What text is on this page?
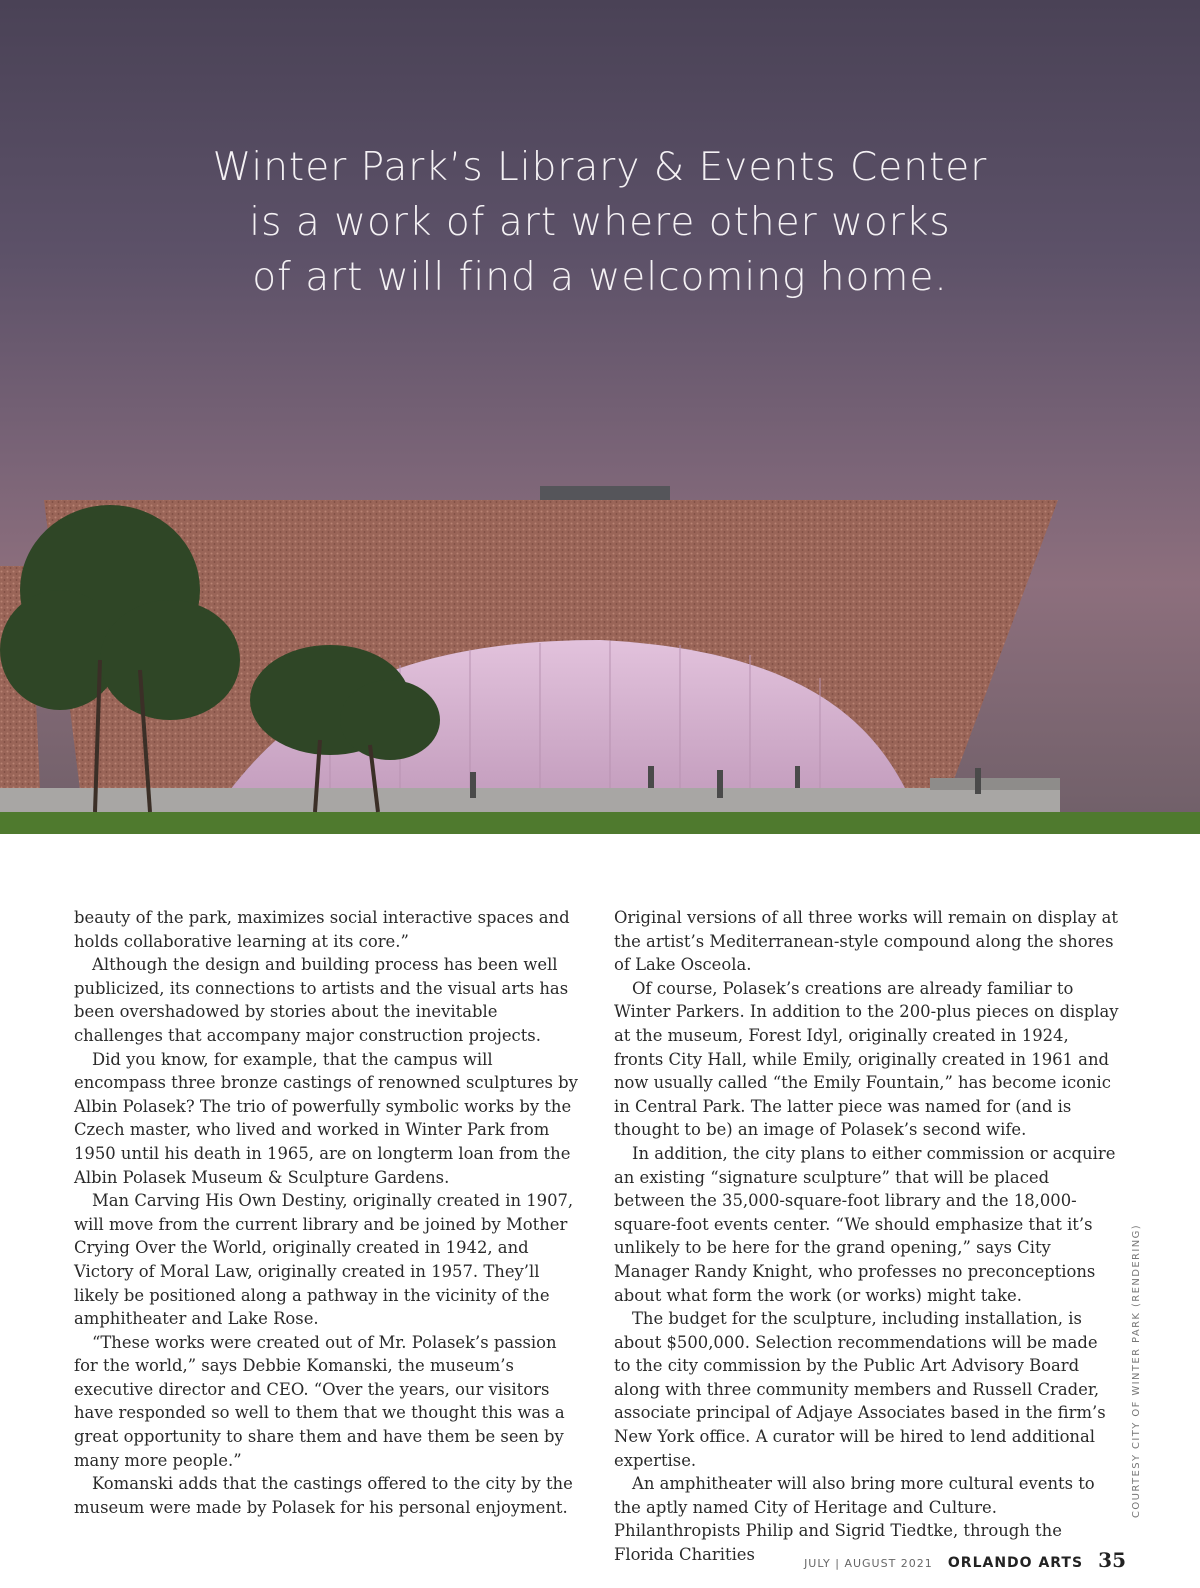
Winter Park’s Library & Events Center
is a work of art where other works
of art will find a welcoming home.

beauty of the park, maximizes social interactive spaces and holds collaborative learning at its core.”

Although the design and building process has been well publicized, its connections to artists and the visual arts has been overshadowed by stories about the inevitable challenges that accompany major construction projects.

Did you know, for example, that the campus will encompass three bronze castings of renowned sculptures by Albin Polasek? The trio of powerfully symbolic works by the Czech master, who lived and worked in Winter Park from 1950 until his death in 1965, are on longterm loan from the Albin Polasek Museum & Sculpture Gardens.

Man Carving His Own Destiny, originally created in 1907, will move from the current library and be joined by Mother Crying Over the World, originally created in 1942, and Victory of Moral Law, originally created in 1957. They’ll likely be positioned along a pathway in the vicinity of the amphitheater and Lake Rose.

“These works were created out of Mr. Polasek’s passion for the world,” says Debbie Komanski, the museum’s executive director and CEO. “Over the years, our visitors have responded so well to them that we thought this was a great opportunity to share them and have them be seen by many more people.”

Komanski adds that the castings offered to the city by the museum were made by Polasek for his personal enjoyment.

Original versions of all three works will remain on display at the artist’s Mediterranean-style compound along the shores of Lake Osceola.

Of course, Polasek’s creations are already familiar to Winter Parkers. In addition to the 200-plus pieces on display at the museum, Forest Idyl, originally created in 1924, fronts City Hall, while Emily, originally created in 1961 and now usually called “the Emily Fountain,” has become iconic in Central Park. The latter piece was named for (and is thought to be) an image of Polasek’s second wife.

In addition, the city plans to either commission or acquire an existing “signature sculpture” that will be placed between the 35,000-square-foot library and the 18,000-square-foot events center. “We should emphasize that it’s unlikely to be here for the grand opening,” says City Manager Randy Knight, who professes no preconceptions about what form the work (or works) might take.

The budget for the sculpture, including installation, is about $500,000. Selection recommendations will be made to the city commission by the Public Art Advisory Board along with three community members and Russell Crader, associate principal of Adjaye Associates based in the firm’s New York office. A curator will be hired to lend additional expertise.

An amphitheater will also bring more cultural events to the aptly named City of Heritage and Culture. Philanthropists Philip and Sigrid Tiedtke, through the Florida Charities

COURTESY CITY OF WINTER PARK (RENDERING)
JULY | AUGUST 2021 ORLANDO ARTS 35
